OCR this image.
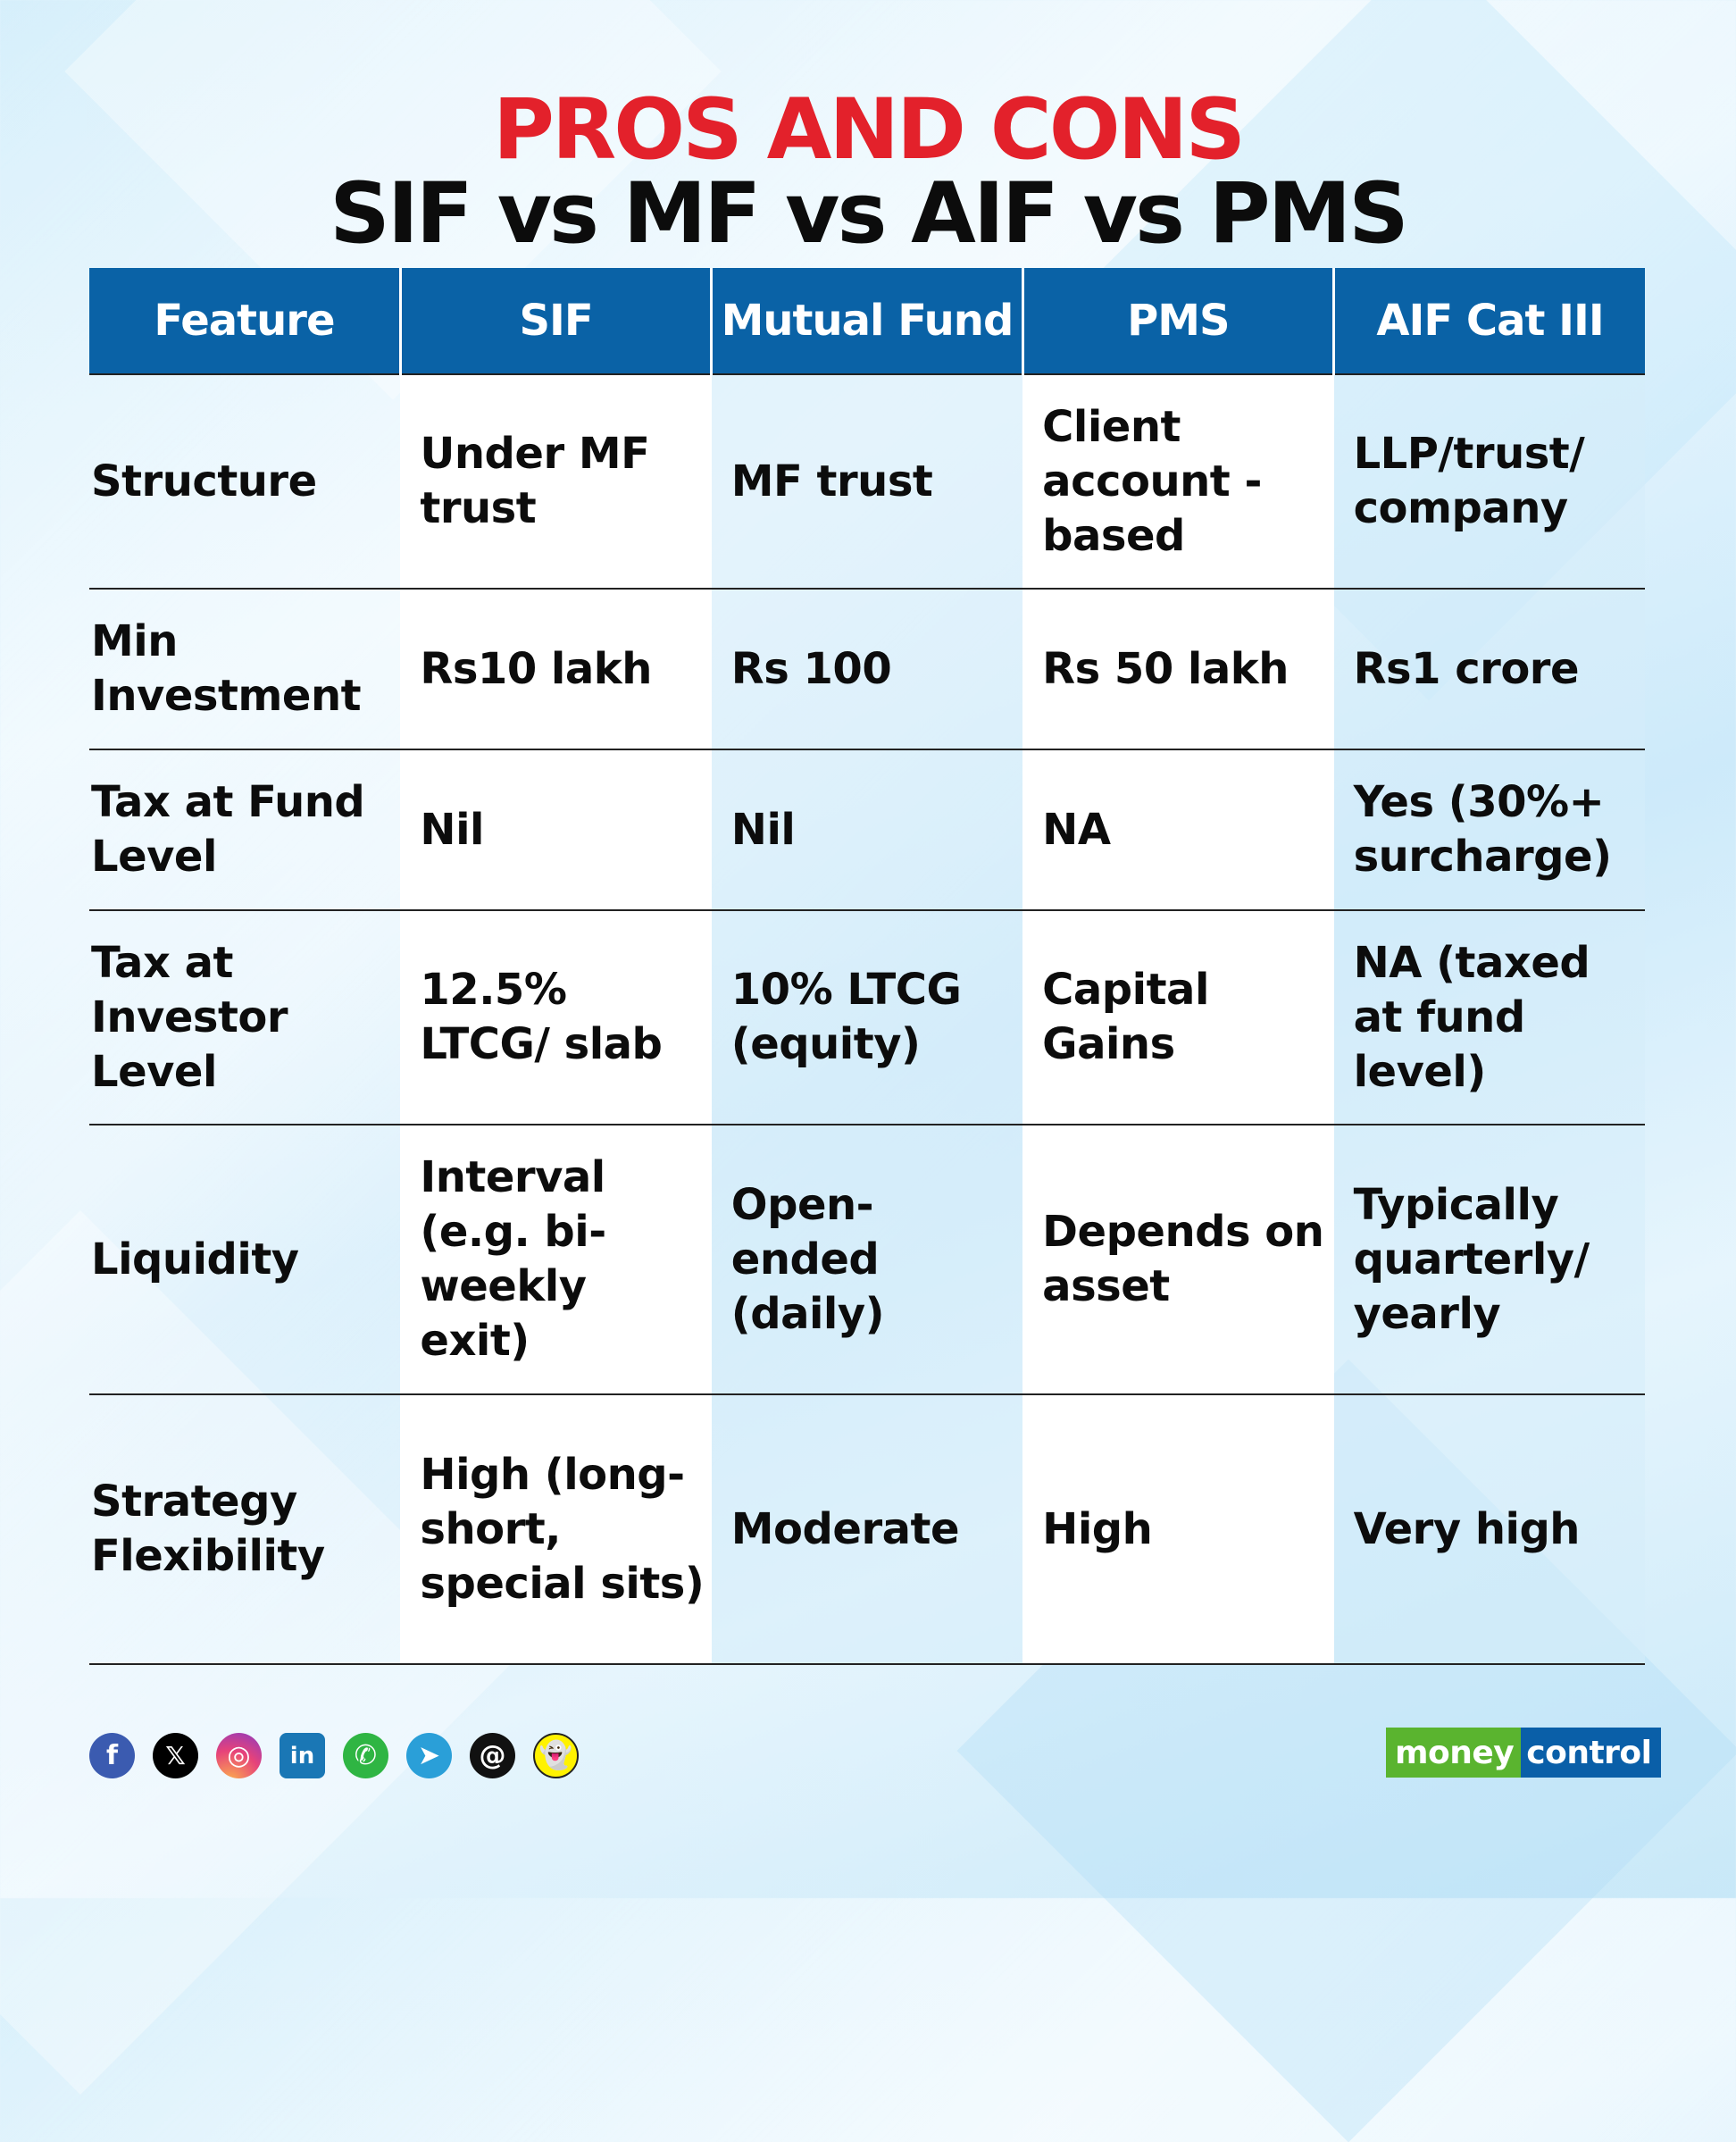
PROS AND CONS
SIF vs MF vs AIF vs PMS
Feature	SIF	Mutual Fund	PMS	AIF Cat III
Structure	Under MF trust	MF trust	Client account -based	LLP/trust/ company
Min Investment	Rs10 lakh	Rs 100	Rs 50 lakh	Rs1 crore
Tax at Fund Level	Nil	Nil	NA	Yes (30%+ surcharge)
Tax at Investor Level	12.5% LTCG/ slab	10% LTCG (equity)	Capital Gains	NA (taxed at fund level)
Liquidity	Interval (e.g. bi-weekly exit)	Open-ended (daily)	Depends on asset	Typically quarterly/ yearly
Strategy Flexibility	High (long-short, special sits)	Moderate	High	Very high
f	𝕏	◎	in	✆	➤	@	👻	money control
